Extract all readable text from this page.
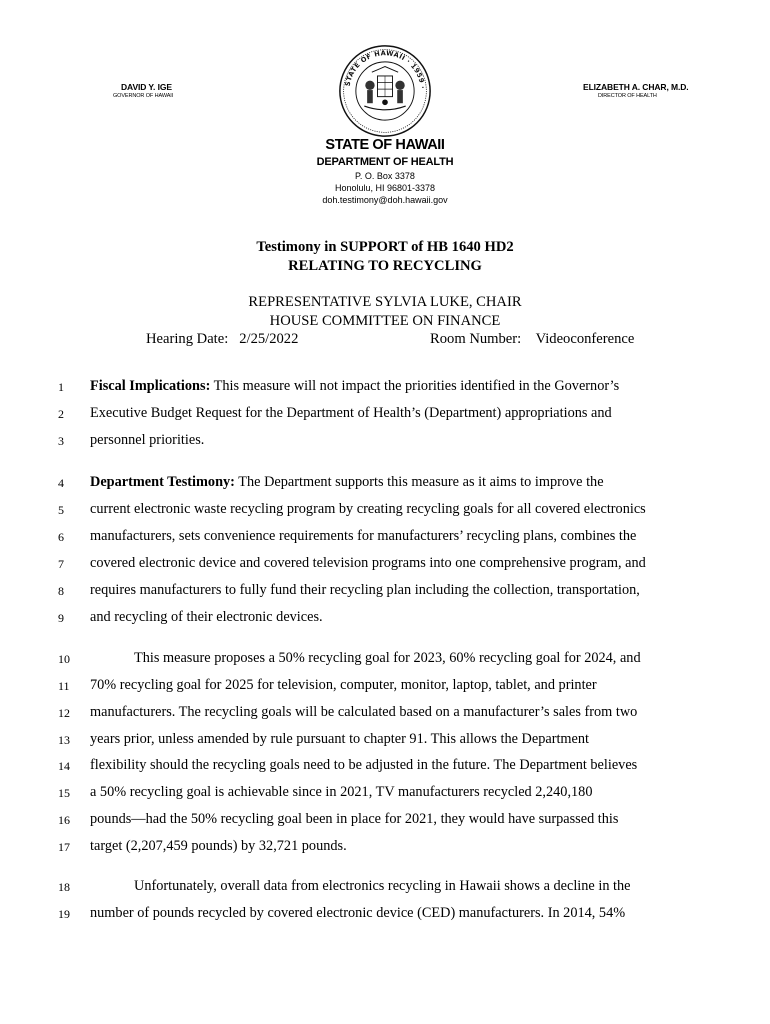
DAVID Y. IGE
GOVERNOR OF HAWAII
ELIZABETH A. CHAR, M.D.
DIRECTOR OF HEALTH
STATE OF HAWAII · 1959 ·
STATE OF HAWAII
DEPARTMENT OF HEALTH
P. O. Box 3378
Honolulu, HI 96801-3378
doh.testimony@doh.hawaii.gov
Testimony in SUPPORT of HB 1640 HD2
RELATING TO RECYCLING
REPRESENTATIVE SYLVIA LUKE, CHAIR
HOUSE COMMITTEE ON FINANCE
Hearing Date: 2/25/2022	Room Number: Videoconference
1	Fiscal Implications: This measure will not impact the priorities identified in the Governor’s
2	Executive Budget Request for the Department of Health’s (Department) appropriations and
3	personnel priorities.
4	Department Testimony: The Department supports this measure as it aims to improve the
5	current electronic waste recycling program by creating recycling goals for all covered electronics
6	manufacturers, sets convenience requirements for manufacturers’ recycling plans, combines the
7	covered electronic device and covered television programs into one comprehensive program, and
8	requires manufacturers to fully fund their recycling plan including the collection, transportation,
9	and recycling of their electronic devices.
10	This measure proposes a 50% recycling goal for 2023, 60% recycling goal for 2024, and
11 70% recycling goal for 2025 for television, computer, monitor, laptop, tablet, and printer
12 manufacturers. The recycling goals will be calculated based on a manufacturer’s sales from two
13 years prior, unless amended by rule pursuant to chapter 91. This allows the Department
14 flexibility should the recycling goals need to be adjusted in the future. The Department believes
15 a 50% recycling goal is achievable since in 2021, TV manufacturers recycled 2,240,180
16 pounds—had the 50% recycling goal been in place for 2021, they would have surpassed this
17 target (2,207,459 pounds) by 32,721 pounds.
18	Unfortunately, overall data from electronics recycling in Hawaii shows a decline in the
19 number of pounds recycled by covered electronic device (CED) manufacturers. In 2014, 54%
